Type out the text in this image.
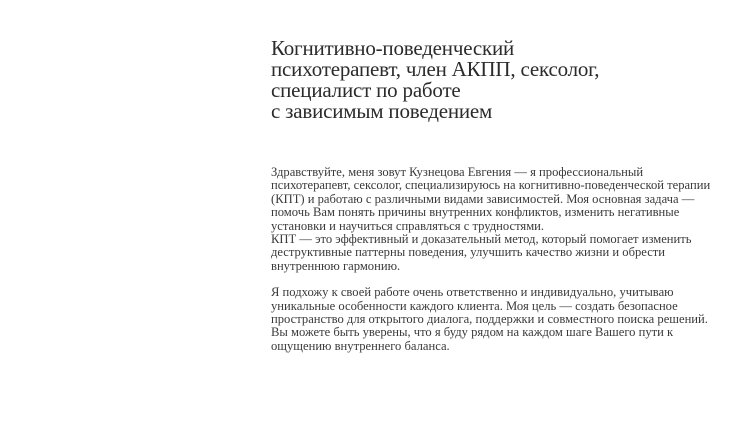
Когнитивно-поведенческий
психотерапевт, член АКПП, сексолог,
специалист по работе
с зависимым поведением

Здравствуйте, меня зовут Кузнецова Евгения — я профессиональный
психотерапевт, сексолог, специализируюсь на когнитивно-поведенческой терапии
(КПТ) и работаю с различными видами зависимостей. Моя основная задача —
помочь Вам понять причины внутренних конфликтов, изменить негативные
установки и научиться справляться с трудностями.
КПТ — это эффективный и доказательный метод, который помогает изменить
деструктивные паттерны поведения, улучшить качество жизни и обрести
внутреннюю гармонию.

Я подхожу к своей работе очень ответственно и индивидуально, учитываю
уникальные особенности каждого клиента. Моя цель — создать безопасное
пространство для открытого диалога, поддержки и совместного поиска решений.
Вы можете быть уверены, что я буду рядом на каждом шаге Вашего пути к
ощущению внутреннего баланса.
